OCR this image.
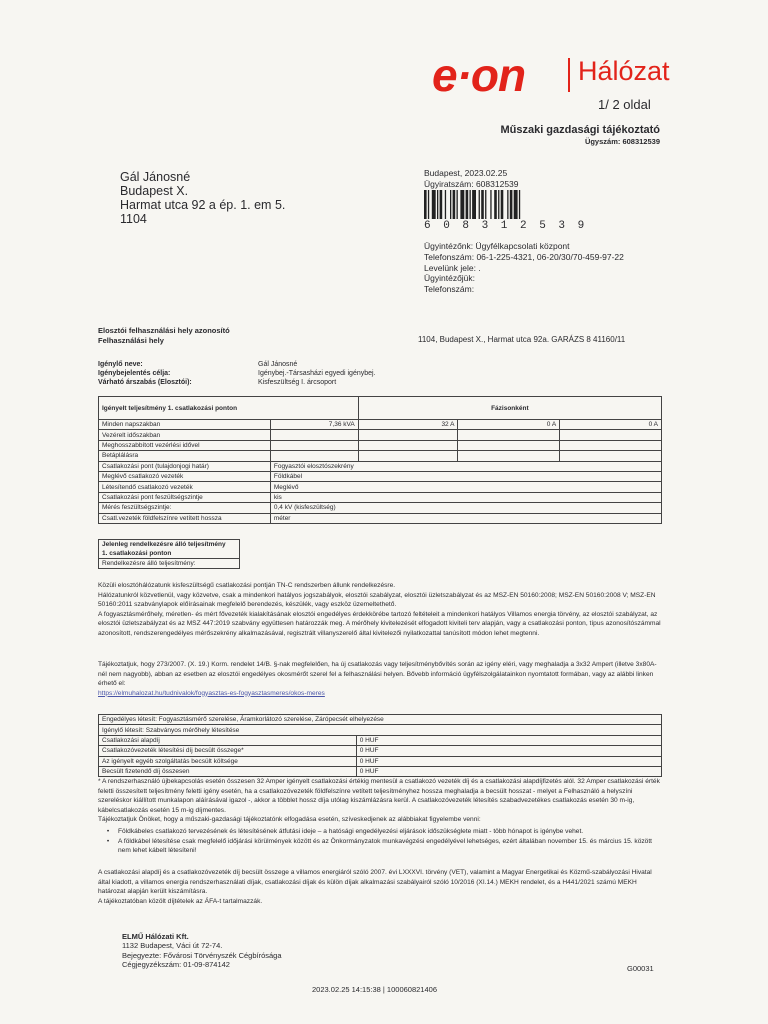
e·on Hálózat
1/ 2 oldal
Műszaki gazdasági tájékoztató
Ügyszám: 608312539
Gál Jánosné
Budapest X.
Harmat utca 92 a ép. 1. em 5.
1104
Budapest, 2023.02.25
Ügyiratszám: 608312539
6 0 8 3 1 2 5 3 9
Ügyintézőnk: Ügyfélkapcsolati központ
Telefonszám: 06-1-225-4321, 06-20/30/70-459-97-22
Levelünk jele: .
Ügyintézőjük:
Telefonszám:
Elosztói felhasználási hely azonosító
Felhasználási hely	1104, Budapest X., Harmat utca 92a. GARÁZS 8 41160/11
Igénylő neve:	Gál Jánosné
Igénybejelentés célja:	Igénybej.-Társasházi egyedi igénybej.
Várható árszabás (Elosztói):	Kisfeszültség I. árcsoport
Igényelt teljesítmény 1. csatlakozási ponton		Fázisonként		
Minden napszakban	7,36 kVA	32 A	0 A	0 A
Vezérelt időszakban				
Meghosszabbított vezérlési idővel				
Betáplálásra				
Csatlakozási pont (tulajdonjogi határ)	Fogyasztói elosztószekrény			
Meglévő csatlakozó vezeték	Földkábel			
Létesítendő csatlakozó vezeték	Meglévő			
Csatlakozási pont feszültségszintje	kis			
Mérés feszültségszintje:	0,4 kV (kisfeszültség)			
Csatl.vezeték földfelszínre vetített hossza	méter			
Jelenleg rendelkezésre álló teljesítmény
1. csatlakozási ponton
Rendelkezésre álló teljesítmény:

Közüli elosztóhálózatunk kisfeszültségű csatlakozási pontján TN-C rendszerben állunk rendelkezésre.

Hálózatunkról közvetlenül, vagy közvetve, csak a mindenkori hatályos jogszabályok, elosztói szabályzat, elosztói üzletszabályzat és az MSZ-EN 50160:2008; MSZ-EN 50160:2008 V; MSZ-EN 50160:2011 szabványlapok előírásainak megfelelő berendezés, készülék, vagy eszköz üzemeltethető.

A fogyasztásmérőhely, méretlen- és mért fővezeték kialakításának elosztói engedélyes érdekkörébe tartozó feltételeit a mindenkori hatályos Villamos energia törvény, az elosztói szabályzat, az elosztói üzletszabályzat és az MSZ 447:2019 szabvány együttesen határozzák meg. A mérőhely kivitelezését elfogadott kiviteli terv alapján, vagy a csatlakozási ponton, típus azonosítószámmal azonosított, rendszerengedélyes mérőszekrény alkalmazásával, regisztrált villanyszerelő által kivitelezői nyilatkozattal tanúsított módon lehet megtenni.

Tájékoztatjuk, hogy 273/2007. (X. 19.) Korm. rendelet 14/B. §-nak megfelelően, ha új csatlakozás vagy teljesítménybővítés során az igény eléri, vagy meghaladja a 3x32 Ampert (illetve 3x80A-nél nem nagyobb), abban az esetben az elosztói engedélyes okosmérőt szerel fel a felhasználási helyen. Bővebb információ ügyfélszolgálatainkon nyomtatott formában, vagy az alábbi linken érhető el:

https://elmuhalozat.hu/tudnivalok/fogyasztas-es-fogyasztasmeres/okos-meres

Engedélyes létesít: Fogyasztásmérő szerelése, Áramkorlátozó szerelése, Zárópecsét elhelyezése	
Igénylő létesít: Szabványos mérőhely létesítése	
Csatlakozási alapdíj	0 HUF
Csatlakozóvezeték létesítési díj becsült összege*	0 HUF
Az igényelt egyéb szolgáltatás becsült költsége	0 HUF
Becsült fizetendő díj összesen	0 HUF

* A rendszerhasználó újbekapcsolás esetén összesen 32 Amper igényelt csatlakozási értékig mentesül a csatlakozó vezeték díj és a csatlakozási alapdíjfizetés alól. 32 Amper csatlakozási érték feletti összesített teljesítmény feletti igény esetén, ha a csatlakozóvezeték földfelszínre vetített teljesítményhez hossza meghaladja a becsült hosszat - melyet a Felhasználó a helyszíni szereléskor kiállított munkalapon aláírásával igazol -, akkor a többlet hossz díja utólag kiszámlázásra kerül. A csatlakozóvezeték létesítés szabadvezetékes csatlakozás esetén 30 m-ig, kábelcsatlakozás esetén 15 m-ig díjmentes.

Tájékoztatjuk Önöket, hogy a műszaki-gazdasági tájékoztatónk elfogadása esetén, szíveskedjenek az alábbiakat figyelembe venni:

•	Földkábeles csatlakozó tervezésének és létesítésének átfutási ideje – a hatósági engedélyezési eljárások időszükséglete miatt - több hónapot is igénybe vehet.
•	A földkábel létesítése csak megfelelő időjárási körülmények között és az Önkormányzatok munkavégzési engedélyével lehetséges, ezért általában november 15. és március 15. között nem lehet kábelt létesíteni!

A csatlakozási alapdíj és a csatlakozóvezeték díj becsült összege a villamos energiáról szóló 2007. évi LXXXVI. törvény (VET), valamint a Magyar Energetikai és Közmű-szabályozási Hivatal által kiadott, a villamos energia rendszerhasználati díjak, csatlakozási díjak és külön díjak alkalmazási szabályairól szóló 10/2016 (XI.14.) MEKH rendelet, és a H441/2021 számú MEKH határozat alapján került kiszámításra.

A tájékoztatóban közölt díjtételek az ÁFA-t tartalmazzák.

ELMŰ Hálózati Kft.
1132 Budapest, Váci út 72-74.
Bejegyezte: Fővárosi Törvényszék Cégbírósága
Cégjegyzékszám: 01-09-874142	G00031
2023.02.25 14:15:38 | 100060821406
